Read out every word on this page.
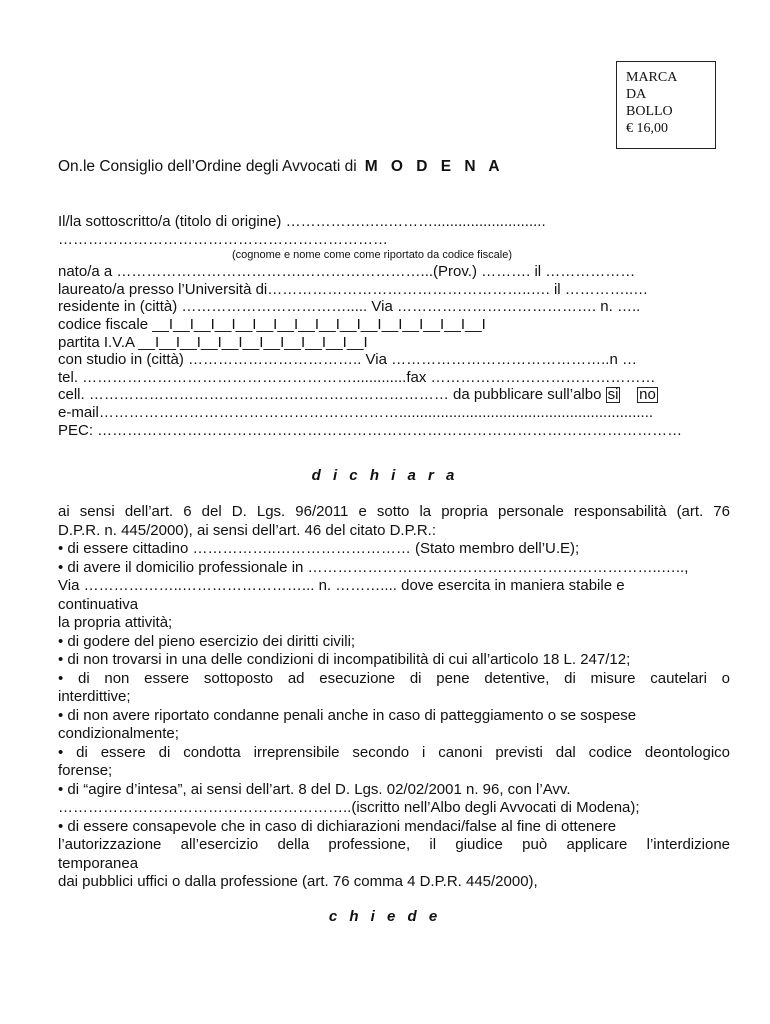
MARCA
DA
BOLLO
€ 16,00
On.le Consiglio dell’Ordine degli Avvocati di M O D E N A
Il/la sottoscritto/a (titolo di origine) …………….…..………...........................
…………………………………………………………
(cognome e nome come come riportato da codice fiscale)
nato/a a ……………………………….……………………...(Prov.) ………. il ………………
laureato/a presso l’Università di……………………………………………..…. il …………..…
residente in (città) ……………………………..... Via …………………………………. n. …..
codice fiscale __I__I__I__I__I__I__I__I__I__I__I__I__I__I__I__I
partita I.V.A __I__I__I__I__I__I__I__I__I__I__I
con studio in (città) …………………………….. Via ……………………………………..n …
tel. ……………………………………………….............fax ………………………………………
cell. ……………………………………………………………… da pubblicare sull’albo si no
e-mail…………………………………………………….............................................................
PEC: ………………………………………………………………………………………………………
d i c h i a r a
ai sensi dell’art. 6 del D. Lgs. 96/2011 e sotto la propria personale responsabilità (art. 76
D.P.R. n. 445/2000), ai sensi dell’art. 46 del citato D.P.R.:
• di essere cittadino ……………..……………………… (Stato membro dell’U.E);
• di avere il domicilio professionale in ……………………………………………………………..…..,
Via ………………..……………………... n. ……….... dove esercita in maniera stabile e
continuativa
la propria attività;
• di godere del pieno esercizio dei diritti civili;
• di non trovarsi in una delle condizioni di incompatibilità di cui all’articolo 18 L. 247/12;
• di non essere sottoposto ad esecuzione di pene detentive, di misure cautelari o
interdittive;
• di non avere riportato condanne penali anche in caso di patteggiamento o se sospese
condizionalmente;
• di essere di condotta irreprensibile secondo i canoni previsti dal codice deontologico
forense;
• di “agire d’intesa”, ai sensi dell’art. 8 del D. Lgs. 02/02/2001 n. 96, con l’Avv.
…………………………………………………..(iscritto nell’Albo degli Avvocati di Modena);
• di essere consapevole che in caso di dichiarazioni mendaci/false al fine di ottenere
l’autorizzazione all’esercizio della professione, il giudice può applicare l’interdizione
temporanea
dai pubblici uffici o dalla professione (art. 76 comma 4 D.P.R. 445/2000),
c h i e d e
